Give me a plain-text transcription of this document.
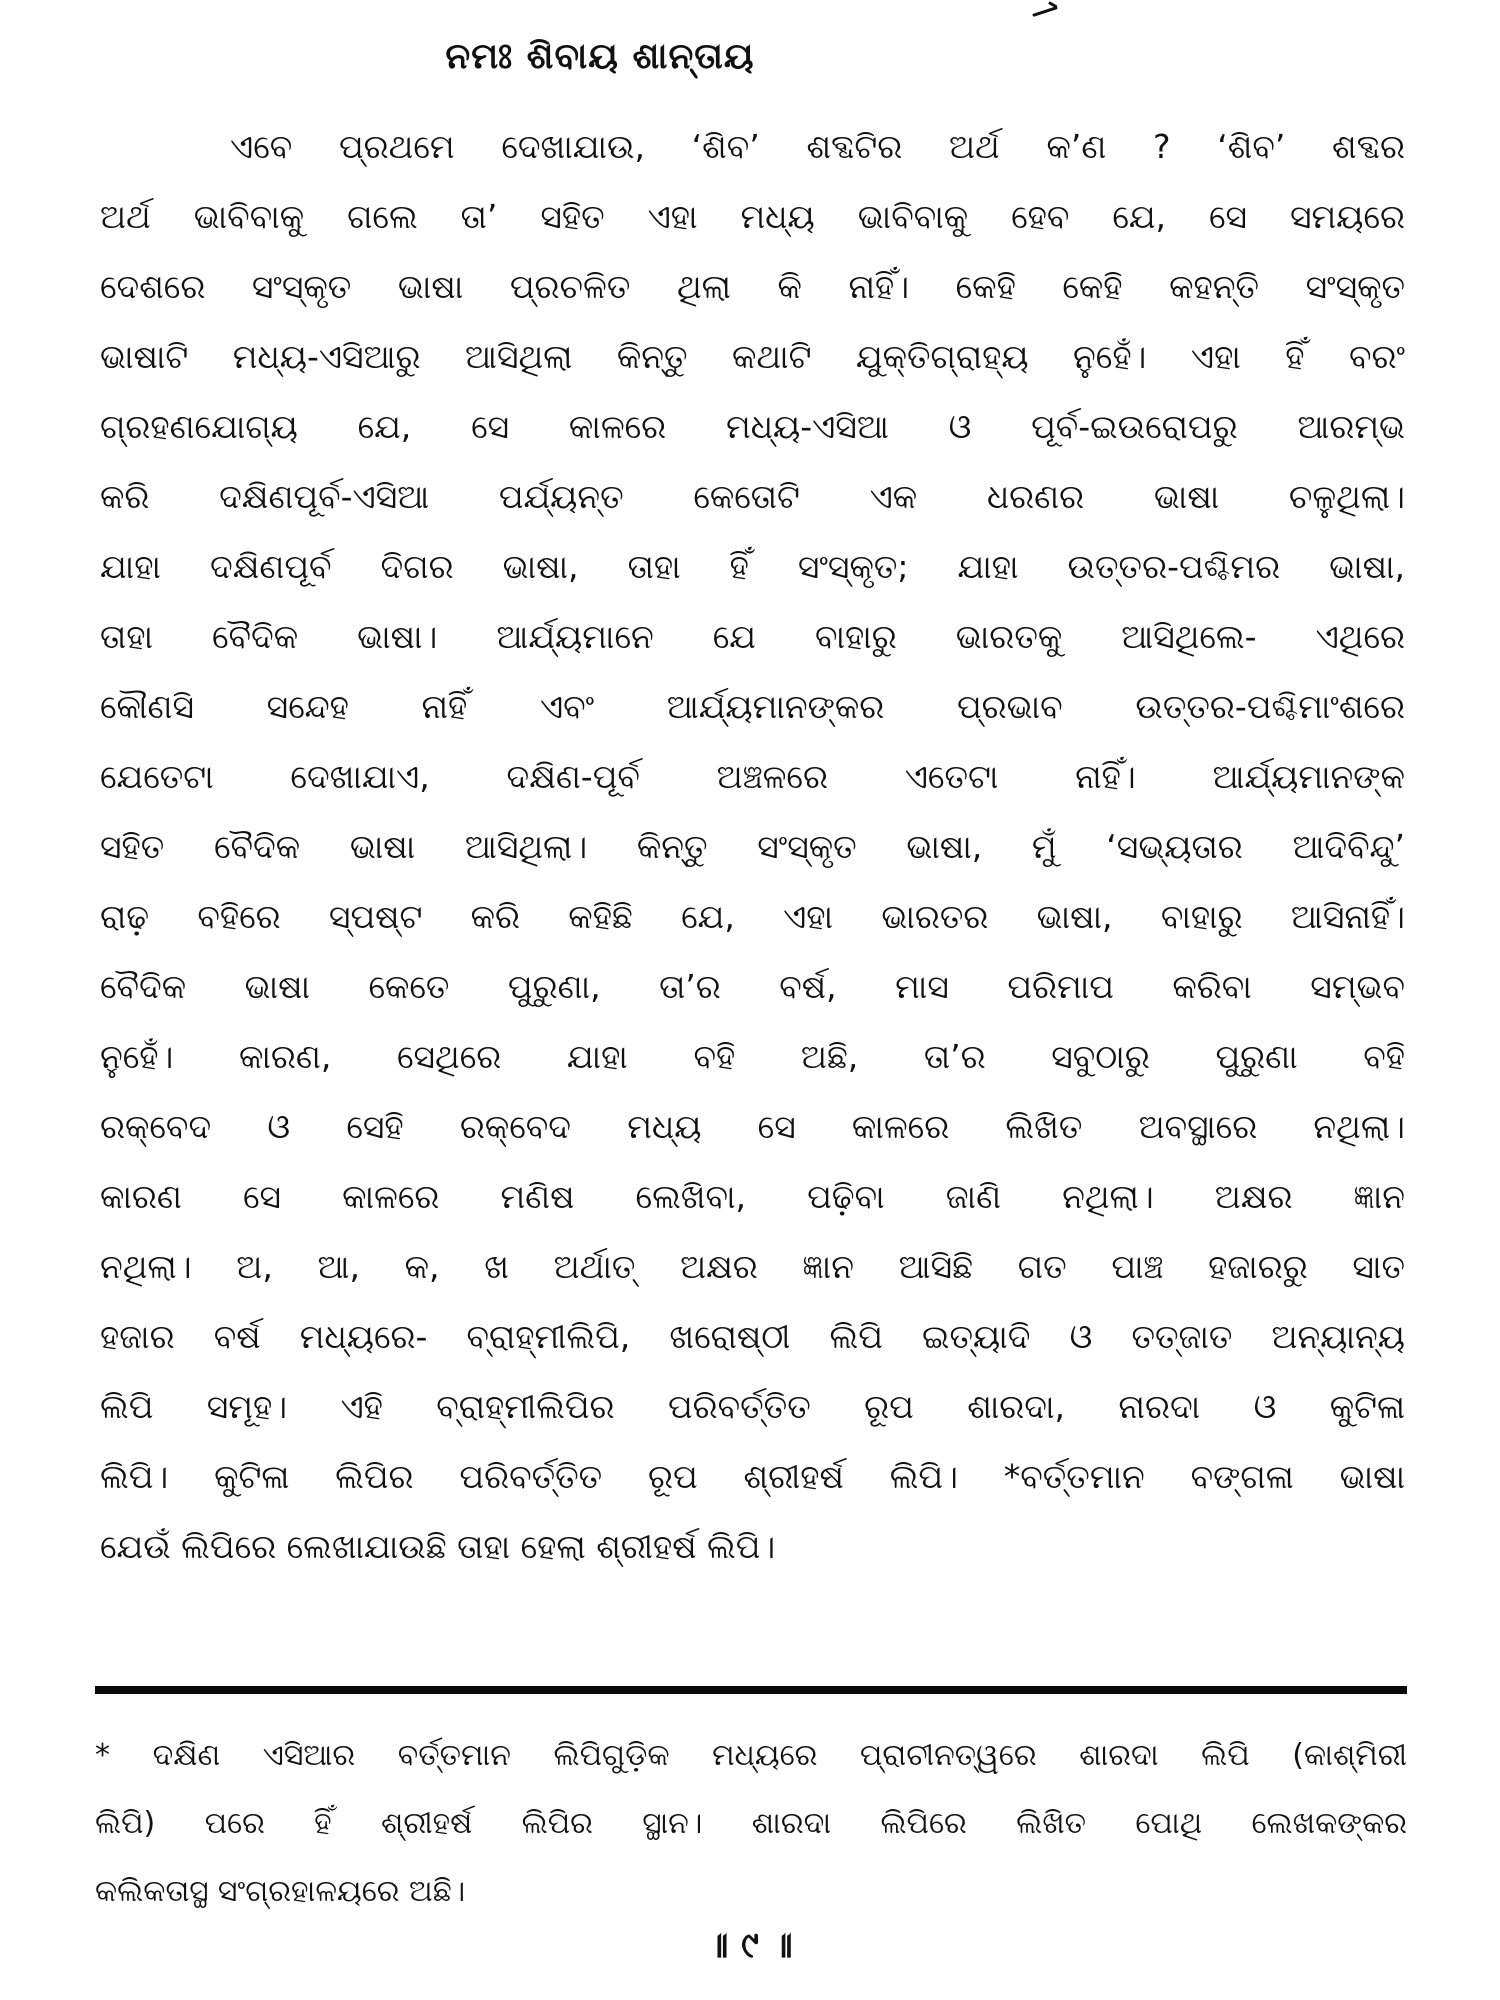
ନମଃ ଶିବାୟ ଶାନ୍ତାୟ
ଏବେ ପ୍ରଥମେ ଦେଖାଯାଉ, ‘ଶିବ’ ଶବ୍ଦଟିର ଅର୍ଥ କ’ଣ ? ‘ଶିବ’ ଶବ୍ଦର
ଅର୍ଥ ଭାବିବାକୁ ଗଲେ ତା’ ସହିତ ଏହା ମଧ୍ୟ ଭାବିବାକୁ ହେବ ଯେ, ସେ ସମୟରେ
ଦେଶରେ ସଂସ୍କୃତ ଭାଷା ପ୍ରଚଳିତ ଥିଲା କି ନାହିଁ। କେହି କେହି କହନ୍ତି ସଂସ୍କୃତ
ଭାଷାଟି ମଧ୍ୟ-ଏସିଆରୁ ଆସିଥିଲା କିନ୍ତୁ କଥାଟି ଯୁକ୍ତିଗ୍ରାହ୍ୟ ନୁହେଁ। ଏହା ହିଁ ବରଂ
ଗ୍ରହଣଯୋଗ୍ୟ ଯେ, ସେ କାଳରେ ମଧ୍ୟ-ଏସିଆ ଓ ପୂର୍ବ-ଇଉରୋପରୁ ଆରମ୍ଭ
କରି ଦକ୍ଷିଣପୂର୍ବ-ଏସିଆ ପର୍ଯ୍ୟନ୍ତ କେତୋଟି ଏକ ଧରଣର ଭାଷା ଚଳୁଥିଲା।
ଯାହା ଦକ୍ଷିଣପୂର୍ବ ଦିଗର ଭାଷା, ତାହା ହିଁ ସଂସ୍କୃତ; ଯାହା ଉତ୍ତର-ପଶ୍ଚିମର ଭାଷା,
ତାହା ବୈଦିକ ଭାଷା। ଆର୍ଯ୍ୟମାନେ ଯେ ବାହାରୁ ଭାରତକୁ ଆସିଥିଲେ- ଏଥିରେ
କୌଣସି ସନ୍ଦେହ ନାହିଁ ଏବଂ ଆର୍ଯ୍ୟମାନଙ୍କର ପ୍ରଭାବ ଉତ୍ତର-ପଶ୍ଚିମାଂଶରେ
ଯେତେଟା ଦେଖାଯାଏ, ଦକ୍ଷିଣ-ପୂର୍ବ ଅଞ୍ଚଳରେ ଏତେଟା ନାହିଁ। ଆର୍ଯ୍ୟମାନଙ୍କ
ସହିତ ବୈଦିକ ଭାଷା ଆସିଥିଲା। କିନ୍ତୁ ସଂସ୍କୃତ ଭାଷା, ମୁଁ ‘ସଭ୍ୟତାର ଆଦିବିନ୍ଦୁ’
ରାଢ଼ ବହିରେ ସ୍ପଷ୍ଟ କରି କହିଛି ଯେ, ଏହା ଭାରତର ଭାଷା, ବାହାରୁ ଆସିନାହିଁ।
ବୈଦିକ ଭାଷା କେତେ ପୁରୁଣା, ତା’ର ବର୍ଷ, ମାସ ପରିମାପ କରିବା ସମ୍ଭବ
ନୁହେଁ। କାରଣ, ସେଥିରେ ଯାହା ବହି ଅଛି, ତା’ର ସବୁଠାରୁ ପୁରୁଣା ବହି
ରକ୍‌ବେଦ ଓ ସେହି ରକ୍‌ବେଦ ମଧ୍ୟ ସେ କାଳରେ ଲିଖିତ ଅବସ୍ଥାରେ ନଥିଲା।
କାରଣ ସେ କାଳରେ ମଣିଷ ଲେଖିବା, ପଢ଼ିବା ଜାଣି ନଥିଲା। ଅକ୍ଷର ଜ୍ଞାନ
ନଥିଲା। ଅ, ଆ, କ, ଖ ଅର୍ଥାତ୍ ଅକ୍ଷର ଜ୍ଞାନ ଆସିଛି ଗତ ପାଞ୍ଚ ହଜାରରୁ ସାତ
ହଜାର ବର୍ଷ ମଧ୍ୟରେ- ବ୍ରାହ୍ମୀଲିପି, ଖରୋଷ୍ଠୀ ଲିପି ଇତ୍ୟାଦି ଓ ତତ୍‌ଜାତ ଅନ୍ୟାନ୍ୟ
ଲିପି ସମୂହ। ଏହି ବ୍ରାହ୍ମୀଲିପିର ପରିବର୍ତ୍ତିତ ରୂପ ଶାରଦା, ନାରଦା ଓ କୁଟିଳା
ଲିପି। କୁଟିଳା ଲିପିର ପରିବର୍ତ୍ତିତ ରୂପ ଶ୍ରୀହର୍ଷ ଲିପି। *ବର୍ତ୍ତମାନ ବଙ୍ଗଳା ଭାଷା
ଯେଉଁ ଲିପିରେ ଲେଖାଯାଉଛି ତାହା ହେଲା ଶ୍ରୀହର୍ଷ ଲିପି।
* ଦକ୍ଷିଣ ଏସିଆର ବର୍ତ୍ତମାନ ଲିପିଗୁଡ଼ିକ ମଧ୍ୟରେ ପ୍ରାଚୀନତ୍ୱରେ ଶାରଦା ଲିପି (କାଶ୍ମିରୀ
ଲିପି) ପରେ ହିଁ ଶ୍ରୀହର୍ଷ ଲିପିର ସ୍ଥାନ। ଶାରଦା ଲିପିରେ ଲିଖିତ ପୋଥି ଲେଖକଙ୍କର
କଲିକତାସ୍ଥ ସଂଗ୍ରହାଳୟରେ ଅଛି।
॥ ୯ ॥
